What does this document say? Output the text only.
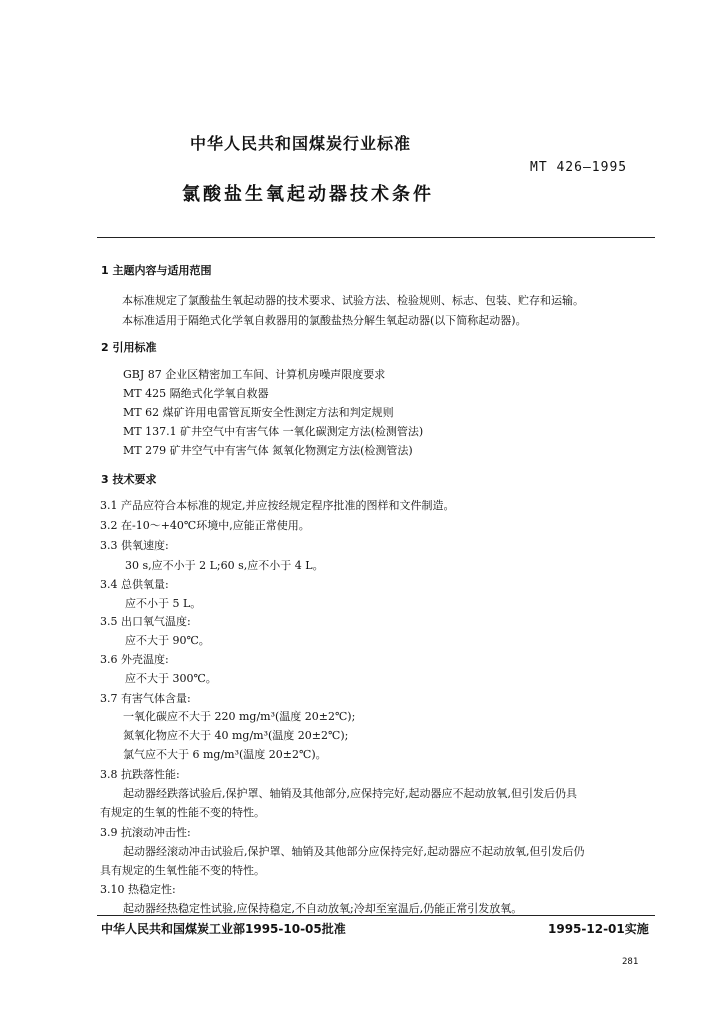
中华人民共和国煤炭行业标准
MT 426—1995
氯酸盐生氧起动器技术条件
1 主题内容与适用范围
本标准规定了氯酸盐生氧起动器的技术要求、试验方法、检验规则、标志、包装、贮存和运输。
本标准适用于隔绝式化学氧自救器用的氯酸盐热分解生氧起动器(以下简称起动器)。
2 引用标准
GBJ 87 企业区精密加工车间、计算机房噪声限度要求
MT 425 隔绝式化学氧自救器
MT 62 煤矿许用电雷管瓦斯安全性测定方法和判定规则
MT 137.1 矿井空气中有害气体 一氧化碳测定方法(检测管法)
MT 279 矿井空气中有害气体 氮氧化物测定方法(检测管法)
3 技术要求
3.1 产品应符合本标准的规定,并应按经规定程序批准的图样和文件制造。
3.2 在-10～+40℃环境中,应能正常使用。
3.3 供氧速度:
30 s,应不小于 2 L;60 s,应不小于 4 L。
3.4 总供氧量:
应不小于 5 L。
3.5 出口氧气温度:
应不大于 90℃。
3.6 外壳温度:
应不大于 300℃。
3.7 有害气体含量:
一氧化碳应不大于 220 mg/m³(温度 20±2℃);
氮氧化物应不大于 40 mg/m³(温度 20±2℃);
氯气应不大于 6 mg/m³(温度 20±2℃)。
3.8 抗跌落性能:
起动器经跌落试验后,保护罩、轴销及其他部分,应保持完好,起动器应不起动放氧,但引发后仍具
有规定的生氧的性能不变的特性。
3.9 抗滚动冲击性:
起动器经滚动冲击试验后,保护罩、轴销及其他部分应保持完好,起动器应不起动放氧,但引发后仍
具有规定的生氧性能不变的特性。
3.10 热稳定性:
起动器经热稳定性试验,应保持稳定,不自动放氧;冷却至室温后,仍能正常引发放氧。
中华人民共和国煤炭工业部1995-10-05批准	1995-12-01实施
281
